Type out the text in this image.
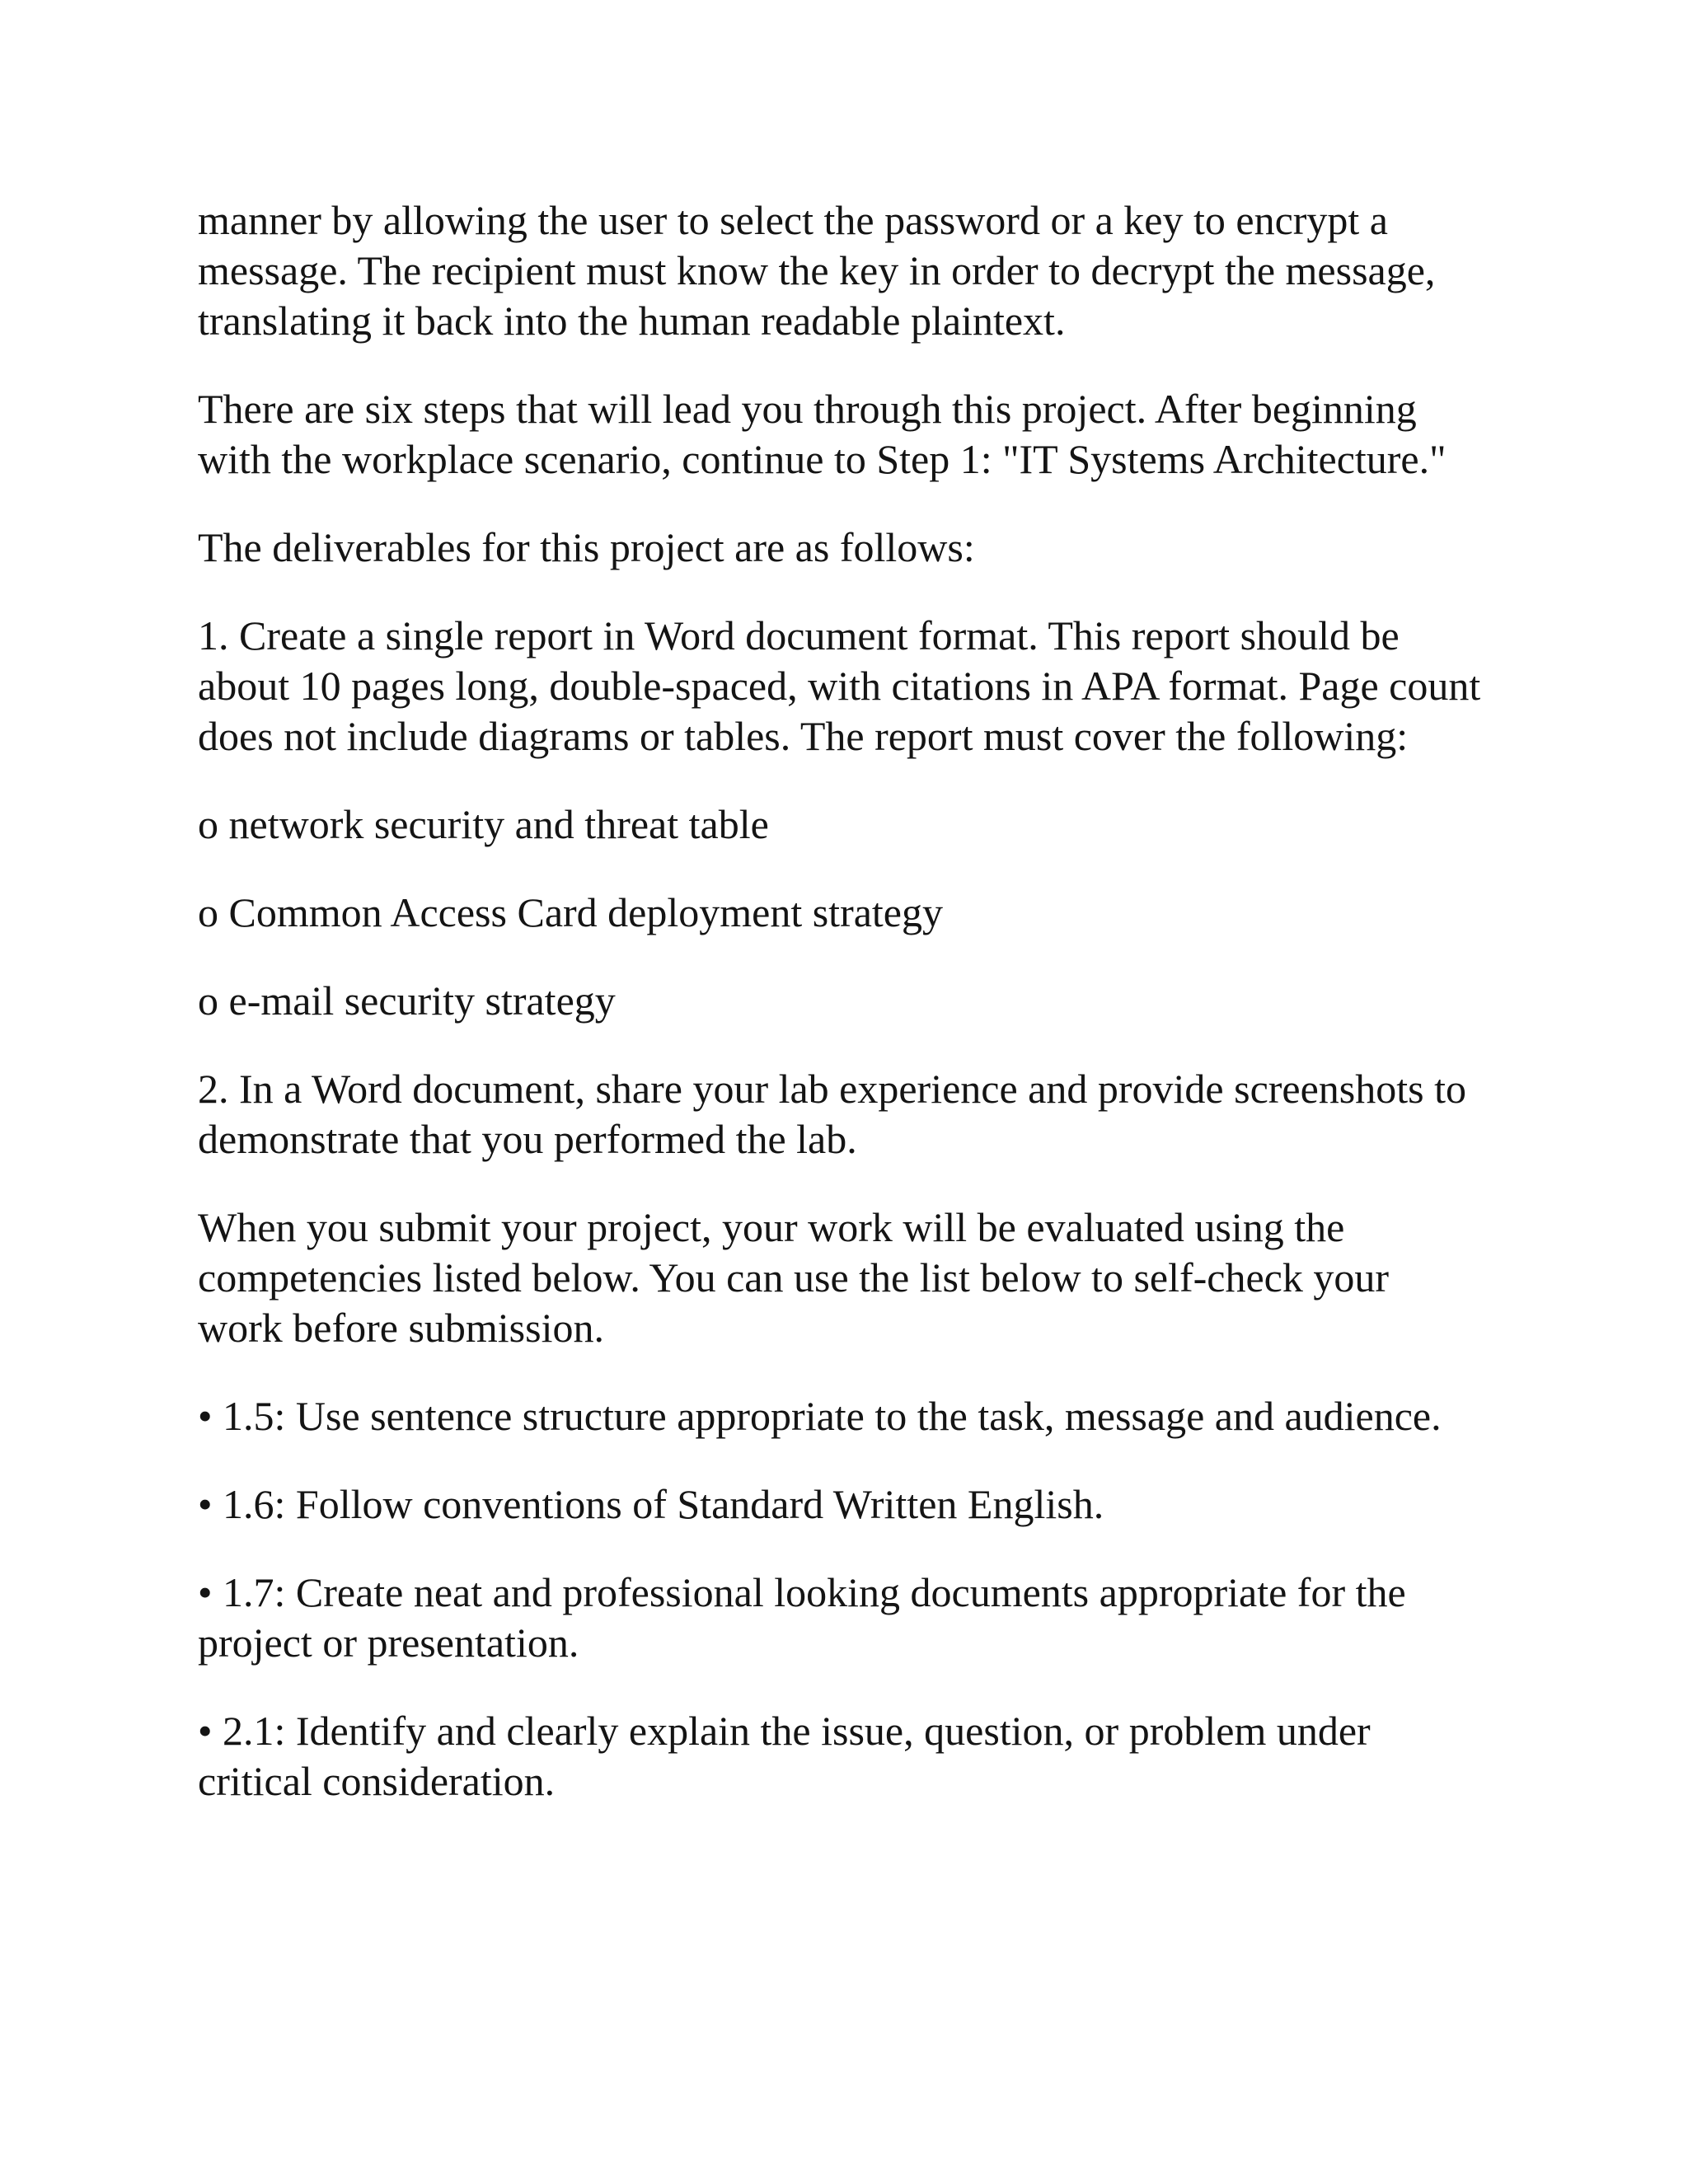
manner by allowing the user to select the password or a key to encrypt a message. The recipient must know the key in order to decrypt the message, translating it back into the human readable plaintext.

There are six steps that will lead you through this project. After beginning with the workplace scenario, continue to Step 1: "IT Systems Architecture."

The deliverables for this project are as follows:

1. Create a single report in Word document format. This report should be about 10 pages long, double-spaced, with citations in APA format. Page count does not include diagrams or tables. The report must cover the following:

o network security and threat table

o Common Access Card deployment strategy

o e-mail security strategy

2. In a Word document, share your lab experience and provide screenshots to demonstrate that you performed the lab.

When you submit your project, your work will be evaluated using the competencies listed below. You can use the list below to self-check your work before submission.

• 1.5: Use sentence structure appropriate to the task, message and audience.

• 1.6: Follow conventions of Standard Written English.

• 1.7: Create neat and professional looking documents appropriate for the project or presentation.

• 2.1: Identify and clearly explain the issue, question, or problem under critical consideration.
